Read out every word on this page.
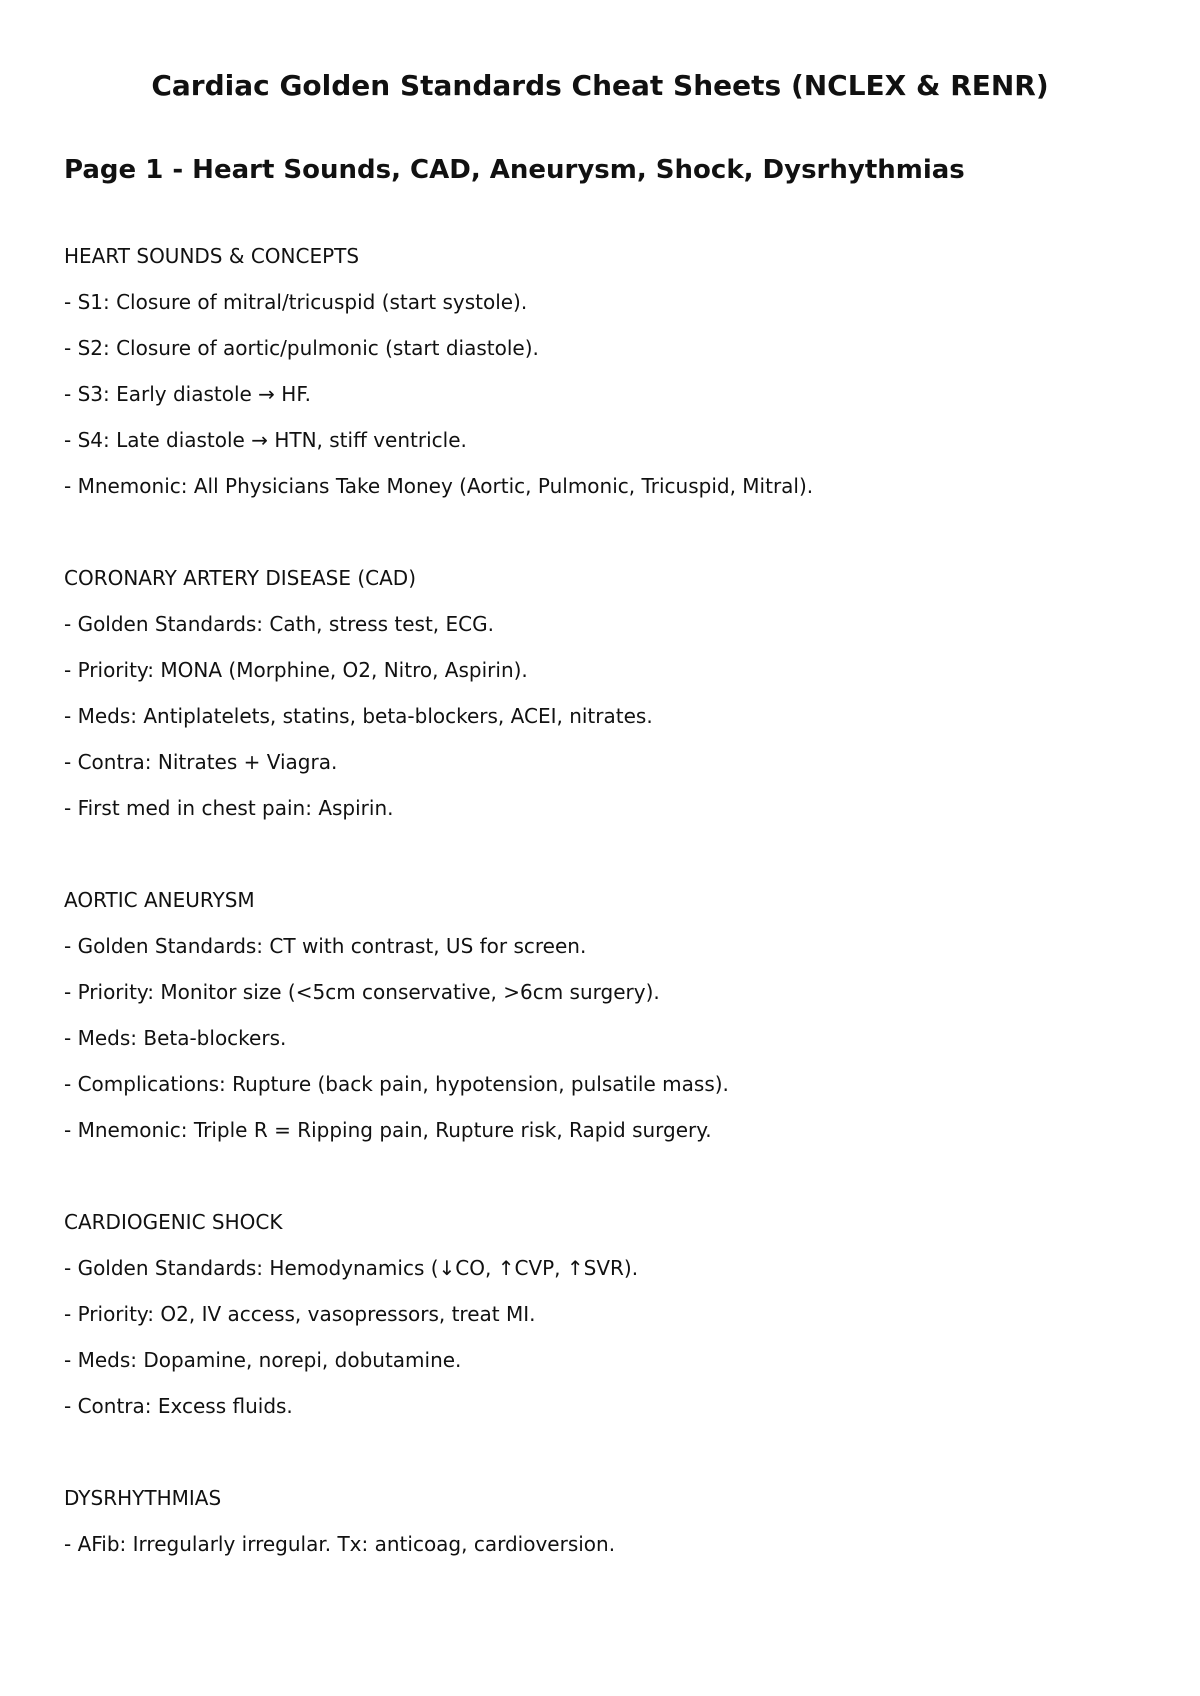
Cardiac Golden Standards Cheat Sheets (NCLEX & RENR)
Page 1 - Heart Sounds, CAD, Aneurysm, Shock, Dysrhythmias
HEART SOUNDS & CONCEPTS
- S1: Closure of mitral/tricuspid (start systole).
- S2: Closure of aortic/pulmonic (start diastole).
- S3: Early diastole → HF.
- S4: Late diastole → HTN, stiff ventricle.
- Mnemonic: All Physicians Take Money (Aortic, Pulmonic, Tricuspid, Mitral).
CORONARY ARTERY DISEASE (CAD)
- Golden Standards: Cath, stress test, ECG.
- Priority: MONA (Morphine, O2, Nitro, Aspirin).
- Meds: Antiplatelets, statins, beta-blockers, ACEI, nitrates.
- Contra: Nitrates + Viagra.
- First med in chest pain: Aspirin.
AORTIC ANEURYSM
- Golden Standards: CT with contrast, US for screen.
- Priority: Monitor size (<5cm conservative, >6cm surgery).
- Meds: Beta-blockers.
- Complications: Rupture (back pain, hypotension, pulsatile mass).
- Mnemonic: Triple R = Ripping pain, Rupture risk, Rapid surgery.
CARDIOGENIC SHOCK
- Golden Standards: Hemodynamics (↓CO, ↑CVP, ↑SVR).
- Priority: O2, IV access, vasopressors, treat MI.
- Meds: Dopamine, norepi, dobutamine.
- Contra: Excess fluids.
DYSRHYTHMIAS
- AFib: Irregularly irregular. Tx: anticoag, cardioversion.
